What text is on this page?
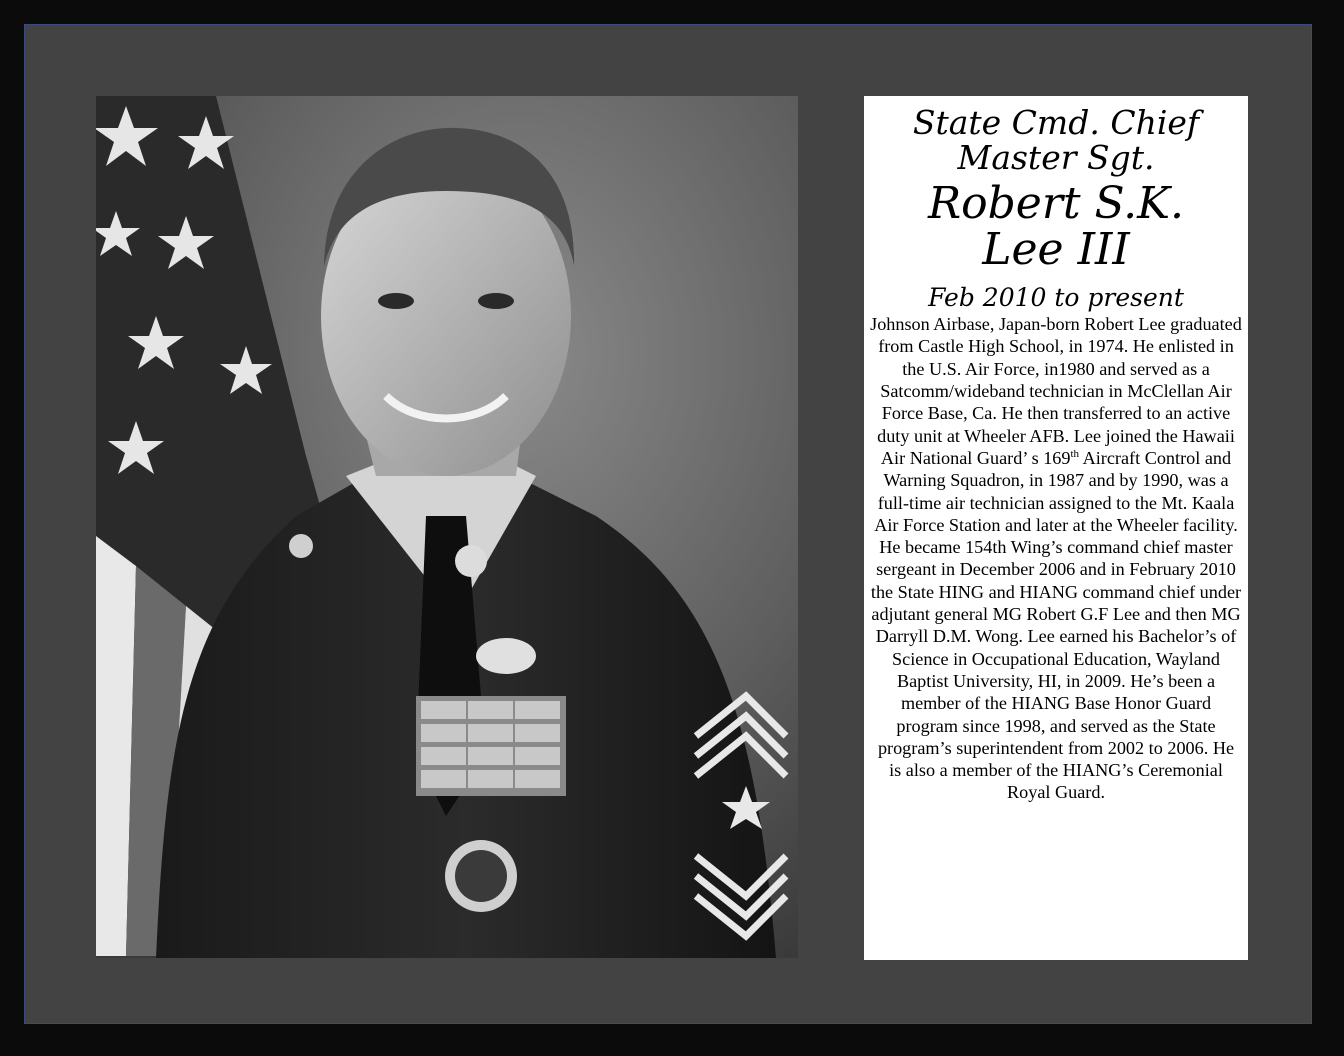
State Cmd. Chief
Master Sgt.
Robert S.K.
Lee III
Feb 2010 to present
Johnson Airbase, Japan-born Robert Lee graduated from Castle High School, in 1974. He enlisted in the U.S. Air Force, in1980 and served as a Satcomm/wideband technician in McClellan Air Force Base, Ca. He then transferred to an active duty unit at Wheeler AFB. Lee joined the Hawaii Air National Guard’ s 169th Aircraft Control and Warning Squadron, in 1987 and by 1990, was a full-time air technician assigned to the Mt. Kaala Air Force Station and later at the Wheeler facility. He became 154th Wing’s command chief master sergeant in December 2006 and in February 2010 the State HING and HIANG command chief under adjutant general MG Robert G.F Lee and then MG Darryll D.M. Wong. Lee earned his Bachelor’s of Science in Occupational Education, Wayland Baptist University, HI, in 2009. He’s been a member of the HIANG Base Honor Guard program since 1998, and served as the State program’s superintendent from 2002 to 2006. He is also a member of the HIANG’s Ceremonial Royal Guard.
